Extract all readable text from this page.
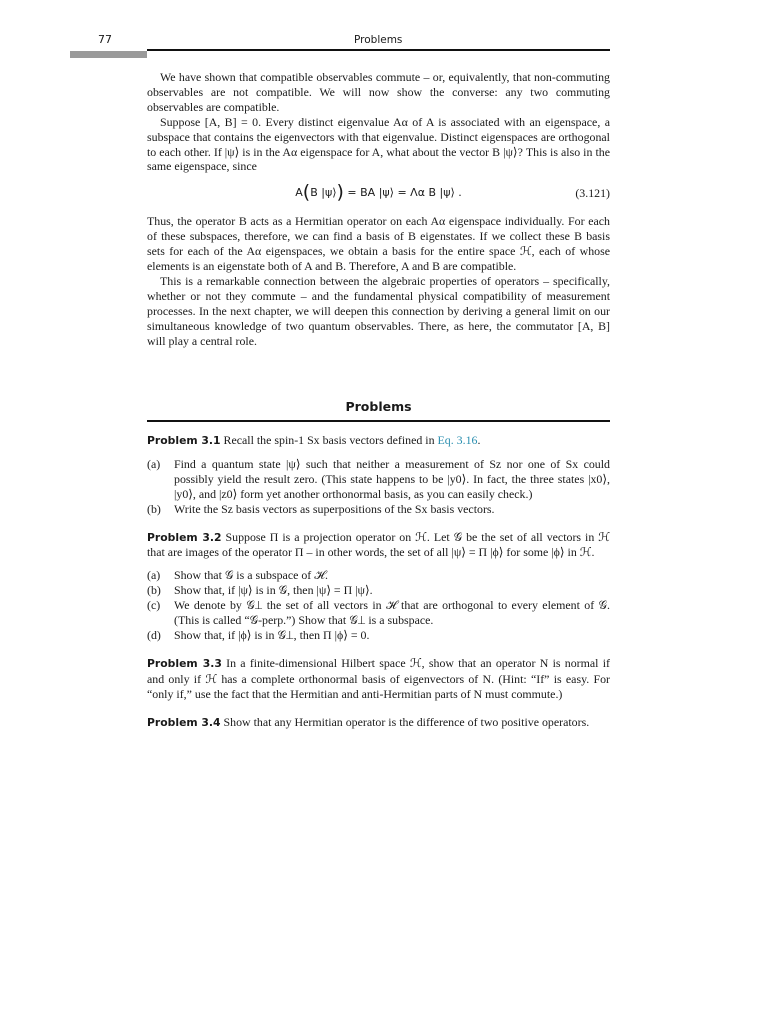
77	Problems

We have shown that compatible observables commute – or, equivalently, that non-commuting observables are not compatible. We will now show the converse: any two commuting observables are compatible.

Suppose [A, B] = 0. Every distinct eigenvalue Aα of A is associated with an eigenspace, a subspace that contains the eigenvectors with that eigenvalue. Distinct eigenspaces are orthogonal to each other. If |ψ⟩ is in the Aα eigenspace for A, what about the vector B |ψ⟩? This is also in the same eigenspace, since

A(B |ψ⟩) = BA |ψ⟩ = Λα B |ψ⟩ .	(3.121)

Thus, the operator B acts as a Hermitian operator on each Aα eigenspace individually. For each of these subspaces, therefore, we can find a basis of B eigenstates. If we collect these B basis sets for each of the Aα eigenspaces, we obtain a basis for the entire space ℋ, each of whose elements is an eigenstate both of A and B. Therefore, A and B are compatible.

This is a remarkable connection between the algebraic properties of operators – specifically, whether or not they commute – and the fundamental physical compatibility of measurement processes. In the next chapter, we will deepen this connection by deriving a general limit on our simultaneous knowledge of two quantum observables. There, as here, the commutator [A, B] will play a central role.

Problems

Problem 3.1 Recall the spin-1 Sx basis vectors defined in Eq. 3.16.

(a) Find a quantum state |ψ⟩ such that neither a measurement of Sz nor one of Sx could possibly yield the result zero. (This state happens to be |y0⟩. In fact, the three states |x0⟩, |y0⟩, and |z0⟩ form yet another orthonormal basis, as you can easily check.)
(b) Write the Sz basis vectors as superpositions of the Sx basis vectors.

Problem 3.2 Suppose Π is a projection operator on ℋ. Let 𝒢 be the set of all vectors in ℋ that are images of the operator Π – in other words, the set of all |ψ⟩ = Π |ϕ⟩ for some |ϕ⟩ in ℋ.

(a) Show that 𝒢 is a subspace of ℋ.
(b) Show that, if |ψ⟩ is in 𝒢, then |ψ⟩ = Π |ψ⟩.
(c) We denote by 𝒢⊥ the set of all vectors in ℋ that are orthogonal to every element of 𝒢. (This is called “𝒢-perp.”) Show that 𝒢⊥ is a subspace.
(d) Show that, if |ϕ⟩ is in 𝒢⊥, then Π |ϕ⟩ = 0.

Problem 3.3 In a finite-dimensional Hilbert space ℋ, show that an operator N is normal if and only if ℋ has a complete orthonormal basis of eigenvectors of N. (Hint: “If” is easy. For “only if,” use the fact that the Hermitian and anti-Hermitian parts of N must commute.)

Problem 3.4 Show that any Hermitian operator is the difference of two positive operators.
